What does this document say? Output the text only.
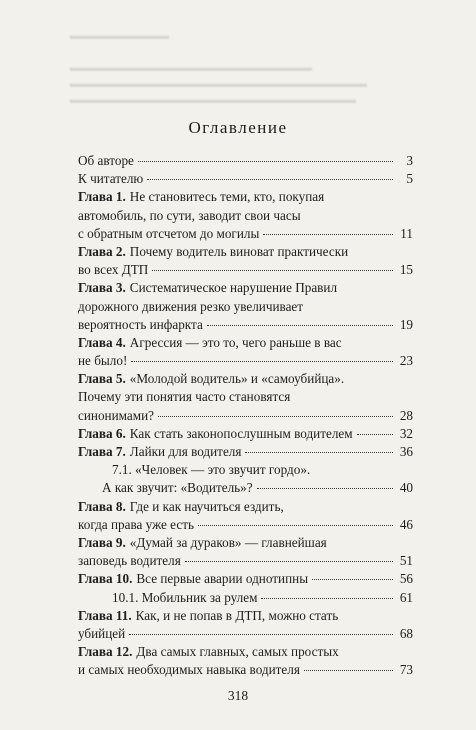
▬▬▬▬▬▬▬▬▬

▬▬▬▬▬▬▬▬▬▬▬▬▬▬▬▬▬▬▬▬▬▬
▬▬▬▬▬▬▬▬▬▬▬▬▬▬▬▬▬▬▬▬▬▬▬▬▬▬▬
▬▬▬▬▬▬▬▬▬▬▬▬▬▬▬▬▬▬▬▬▬▬▬▬▬▬
Оглавление
Об авторе	3
К читателю	5
Глава 1. Не становитесь теми, кто, покупая
автомобиль, по сути, заводит свои часы
с обратным отсчетом до могилы	11
Глава 2. Почему водитель виноват практически
во всех ДТП	15
Глава 3. Систематическое нарушение Правил
дорожного движения резко увеличивает
вероятность инфаркта	19
Глава 4. Агрессия — это то, чего раньше в вас
не было!	23
Глава 5. «Молодой водитель» и «самоубийца».
Почему эти понятия часто становятся
синонимами?	28
Глава 6. Как стать законопослушным водителем	32
Глава 7. Лайки для водителя	36
7.1. «Человек — это звучит гордо».
А как звучит: «Водитель»?	40
Глава 8. Где и как научиться ездить,
когда права уже есть	46
Глава 9. «Думай за дураков» — главнейшая
заповедь водителя	51
Глава 10. Все первые аварии однотипны	56
10.1. Мобильник за рулем	61
Глава 11. Как, и не попав в ДТП, можно стать
убийцей	68
Глава 12. Два самых главных, самых простых
и самых необходимых навыка водителя	73
318
